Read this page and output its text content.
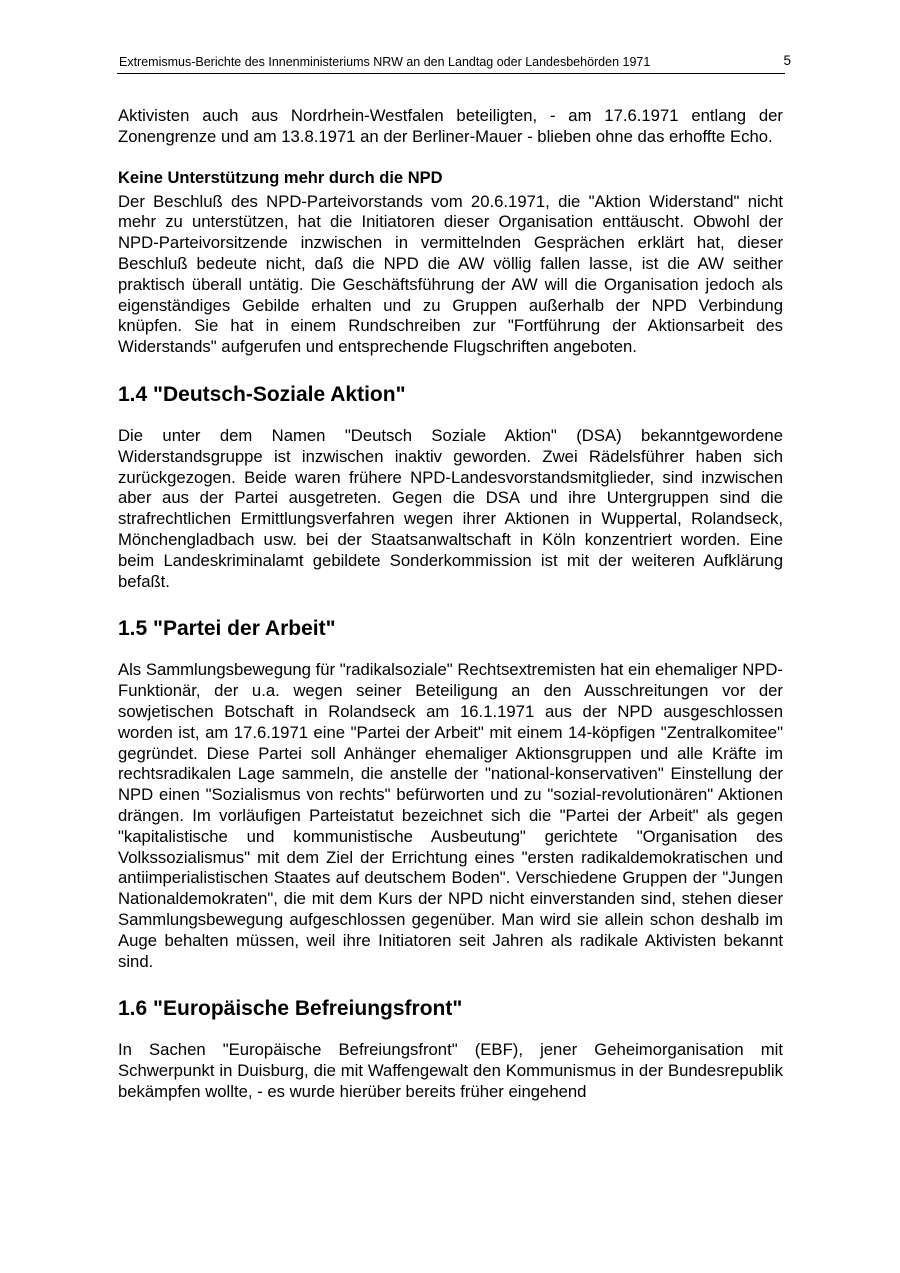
Extremismus-Berichte des Innenministeriums NRW an den Landtag oder Landesbehörden 1971	5

Aktivisten auch aus Nordrhein-Westfalen beteiligten, - am 17.6.1971 entlang der Zonengrenze und am 13.8.1971 an der Berliner-Mauer - blieben ohne das erhoffte Echo.

Keine Unterstützung mehr durch die NPD

Der Beschluß des NPD-Parteivorstands vom 20.6.1971, die "Aktion Widerstand" nicht mehr zu unterstützen, hat die Initiatoren dieser Organisation enttäuscht. Obwohl der NPD-Parteivorsitzende inzwischen in vermittelnden Gesprächen erklärt hat, dieser Beschluß bedeute nicht, daß die NPD die AW völlig fallen lasse, ist die AW seither praktisch überall untätig. Die Geschäftsführung der AW will die Organisation jedoch als eigenständiges Gebilde erhalten und zu Gruppen außerhalb der NPD Verbindung knüpfen. Sie hat in einem Rundschreiben zur "Fortführung der Aktionsarbeit des Widerstands" aufgerufen und entsprechende Flugschriften angeboten.

1.4 "Deutsch-Soziale Aktion"

Die unter dem Namen "Deutsch Soziale Aktion" (DSA) bekanntgewordene Widerstandsgruppe ist inzwischen inaktiv geworden. Zwei Rädelsführer haben sich zurückgezogen. Beide waren frühere NPD-Landesvorstandsmitglieder, sind inzwischen aber aus der Partei ausgetreten. Gegen die DSA und ihre Untergruppen sind die strafrechtlichen Ermittlungsverfahren wegen ihrer Aktionen in Wuppertal, Rolandseck, Mönchengladbach usw. bei der Staatsanwaltschaft in Köln konzentriert worden. Eine beim Landeskriminalamt gebildete Sonderkommission ist mit der weiteren Aufklärung befaßt.

1.5 "Partei der Arbeit"

Als Sammlungsbewegung für "radikalsoziale" Rechtsextremisten hat ein ehemaliger NPD-Funktionär, der u.a. wegen seiner Beteiligung an den Ausschreitungen vor der sowjetischen Botschaft in Rolandseck am 16.1.1971 aus der NPD ausgeschlossen worden ist, am 17.6.1971 eine "Partei der Arbeit" mit einem 14-köpfigen "Zentralkomitee" gegründet. Diese Partei soll Anhänger ehemaliger Aktionsgruppen und alle Kräfte im rechtsradikalen Lage sammeln, die anstelle der "national-konservativen" Einstellung der NPD einen "Sozialismus von rechts" befürworten und zu "sozial-revolutionären" Aktionen drängen. Im vorläufigen Parteistatut bezeichnet sich die "Partei der Arbeit" als gegen "kapitalistische und kommunistische Ausbeutung" gerichtete "Organisation des Volkssozialismus" mit dem Ziel der Errichtung eines "ersten radikaldemokratischen und antiimperialistischen Staates auf deutschem Boden". Verschiedene Gruppen der "Jungen Nationaldemokraten", die mit dem Kurs der NPD nicht einverstanden sind, stehen dieser Sammlungsbewegung aufgeschlossen gegenüber. Man wird sie allein schon deshalb im Auge behalten müssen, weil ihre Initiatoren seit Jahren als radikale Aktivisten bekannt sind.

1.6 "Europäische Befreiungsfront"

In Sachen "Europäische Befreiungsfront" (EBF), jener Geheimorganisation mit Schwerpunkt in Duisburg, die mit Waffengewalt den Kommunismus in der Bundesrepublik bekämpfen wollte, - es wurde hierüber bereits früher eingehend
